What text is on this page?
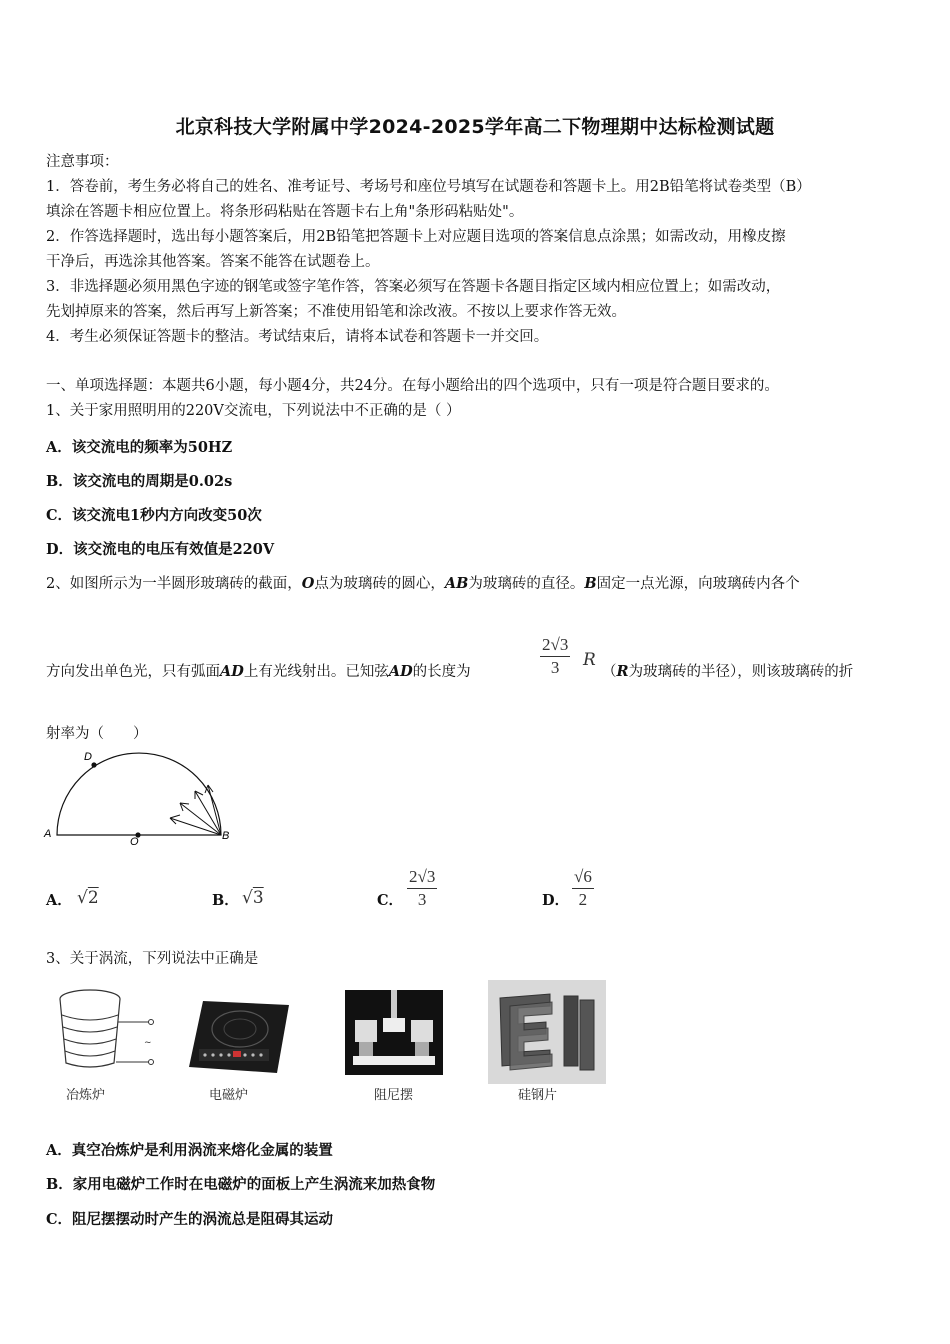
北京科技大学附属中学2024-2025学年高二下物理期中达标检测试题
注意事项：
1．答卷前，考生务必将自己的姓名、准考证号、考场号和座位号填写在试题卷和答题卡上。用2B铅笔将试卷类型（B）
填涂在答题卡相应位置上。将条形码粘贴在答题卡右上角"条形码粘贴处"。
2．作答选择题时，选出每小题答案后，用2B铅笔把答题卡上对应题目选项的答案信息点涂黑；如需改动，用橡皮擦
干净后，再选涂其他答案。答案不能答在试题卷上。
3．非选择题必须用黑色字迹的钢笔或签字笔作答，答案必须写在答题卡各题目指定区域内相应位置上；如需改动，
先划掉原来的答案，然后再写上新答案；不准使用铅笔和涂改液。不按以上要求作答无效。
4．考生必须保证答题卡的整洁。考试结束后，请将本试卷和答题卡一并交回。
一、单项选择题：本题共6小题，每小题4分，共24分。在每小题给出的四个选项中，只有一项是符合题目要求的。
1、关于家用照明用的220V交流电，下列说法中不正确的是（ ）
A．该交流电的频率为50HZ
B．该交流电的周期是0.02s
C．该交流电1秒内方向改变50次
D．该交流电的电压有效值是220V
2、如图所示为一半圆形玻璃砖的截面，O点为玻璃砖的圆心，AB为玻璃砖的直径。B固定一点光源，向玻璃砖内各个
方向发出单色光，只有弧面AD上有光线射出。已知弦AD的长度为	$\frac{2√3}{3}$ R
（R为玻璃砖的半径），则该玻璃砖的折
射率为（　　）
A	B
O
D
A． √2	B． √3	C． $\frac{2√3}{3}$	D． $\frac{√6}{2}$
3、关于涡流，下列说法中正确是
~
冶炼炉	电磁炉	阻尼摆	硅钢片
A．真空冶炼炉是利用涡流来熔化金属的装置
B．家用电磁炉工作时在电磁炉的面板上产生涡流来加热食物
C．阻尼摆摆动时产生的涡流总是阻碍其运动
